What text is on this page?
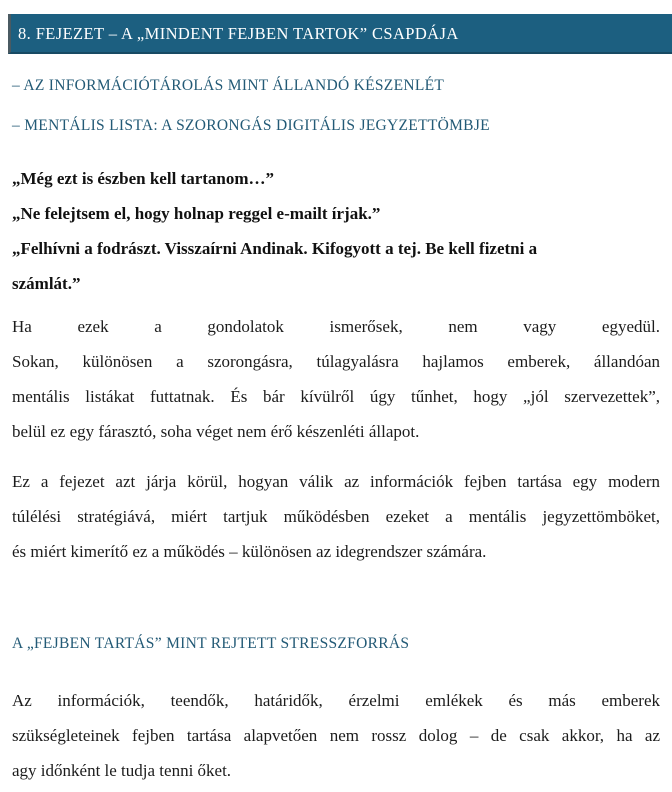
8. FEJEZET – A „MINDENT FEJBEN TARTOK” CSAPDÁJA
– AZ INFORMÁCIÓTÁROLÁS MINT ÁLLANDÓ KÉSZENLÉT
– MENTÁLIS LISTA: A SZORONGÁS DIGITÁLIS JEGYZETTÖMBJE
„Még ezt is észben kell tartanom…”
„Ne felejtsem el, hogy holnap reggel e-mailt írjak.”
„Felhívni a fodrászt. Visszaírni Andinak. Kifogyott a tej. Be kell fizetni a
számlát.”
Ha ezek a gondolatok ismerősek, nem vagy egyedül.
Sokan, különösen a szorongásra, túlagyalásra hajlamos emberek, állandóan
mentális listákat futtatnak. És bár kívülről úgy tűnhet, hogy „jól szervezettek”,
belül ez egy fárasztó, soha véget nem érő készenléti állapot.
Ez a fejezet azt járja körül, hogyan válik az információk fejben tartása egy modern
túlélési stratégiává, miért tartjuk működésben ezeket a mentális jegyzettömböket,
és miért kimerítő ez a működés – különösen az idegrendszer számára.
A „FEJBEN TARTÁS” MINT REJTETT STRESSZFORRÁS
Az információk, teendők, határidők, érzelmi emlékek és más emberek
szükségleteinek fejben tartása alapvetően nem rossz dolog – de csak akkor, ha az
agy időnként le tudja tenni őket.
